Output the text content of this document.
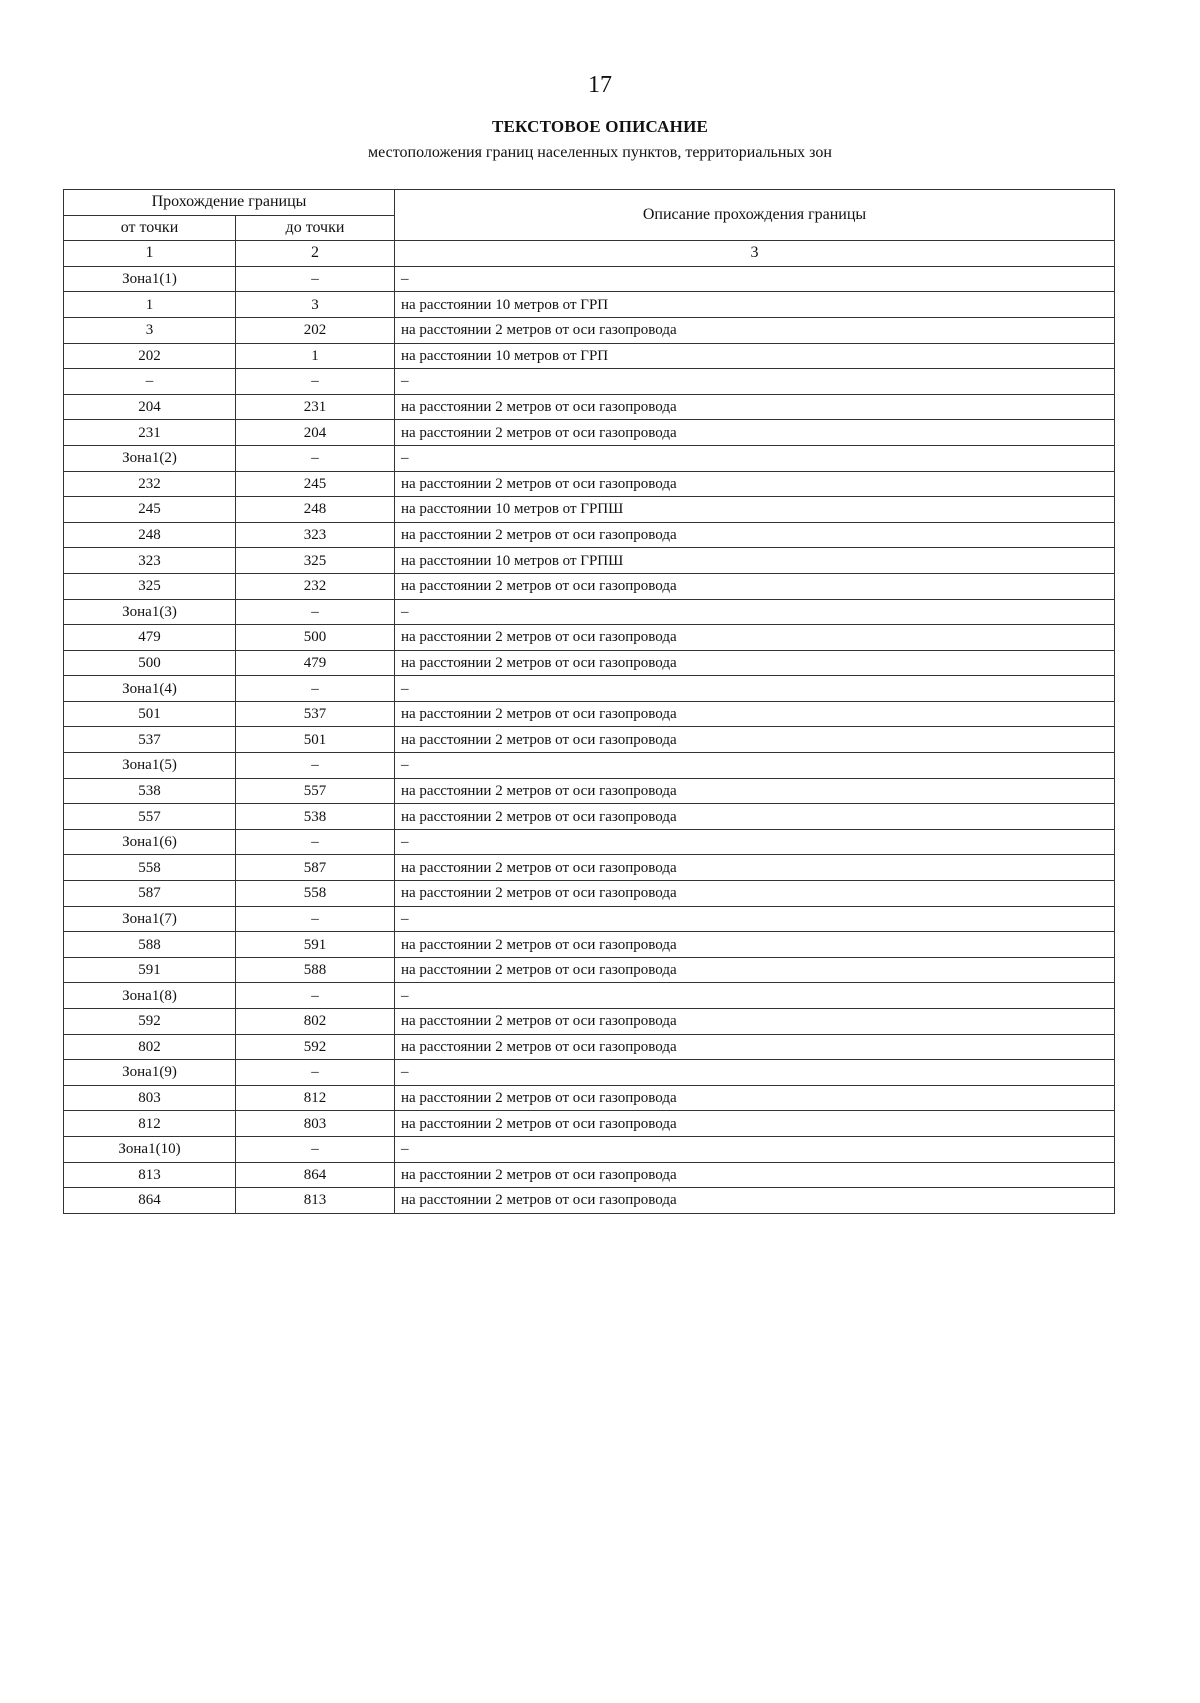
17
ТЕКСТОВОЕ ОПИСАНИЕ
местоположения границ населенных пунктов, территориальных зон
Прохождение границы		Описание прохождения границы
от точки	до точки	
1	2	3
Зона1(1)	–	–
1	3	на расстоянии 10 метров от ГРП
3	202	на расстоянии 2 метров от оси газопровода
202	1	на расстоянии 10 метров от ГРП
–	–	–
204	231	на расстоянии 2 метров от оси газопровода
231	204	на расстоянии 2 метров от оси газопровода
Зона1(2)	–	–
232	245	на расстоянии 2 метров от оси газопровода
245	248	на расстоянии 10 метров от ГРПШ
248	323	на расстоянии 2 метров от оси газопровода
323	325	на расстоянии 10 метров от ГРПШ
325	232	на расстоянии 2 метров от оси газопровода
Зона1(3)	–	–
479	500	на расстоянии 2 метров от оси газопровода
500	479	на расстоянии 2 метров от оси газопровода
Зона1(4)	–	–
501	537	на расстоянии 2 метров от оси газопровода
537	501	на расстоянии 2 метров от оси газопровода
Зона1(5)	–	–
538	557	на расстоянии 2 метров от оси газопровода
557	538	на расстоянии 2 метров от оси газопровода
Зона1(6)	–	–
558	587	на расстоянии 2 метров от оси газопровода
587	558	на расстоянии 2 метров от оси газопровода
Зона1(7)	–	–
588	591	на расстоянии 2 метров от оси газопровода
591	588	на расстоянии 2 метров от оси газопровода
Зона1(8)	–	–
592	802	на расстоянии 2 метров от оси газопровода
802	592	на расстоянии 2 метров от оси газопровода
Зона1(9)	–	–
803	812	на расстоянии 2 метров от оси газопровода
812	803	на расстоянии 2 метров от оси газопровода
Зона1(10)	–	–
813	864	на расстоянии 2 метров от оси газопровода
864	813	на расстоянии 2 метров от оси газопровода
